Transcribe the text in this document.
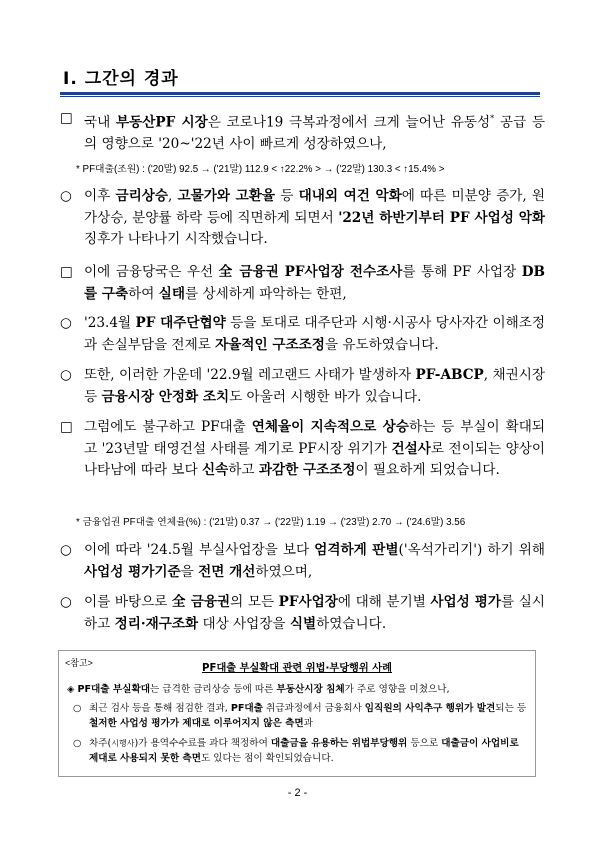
Ⅰ. 그간의 경과
□ 국내 부동산PF 시장은 코로나19 극복과정에서 크게 늘어난 유동성* 공급 등의 영향으로 '20~'22년 사이 빠르게 성장하였으나,
* PF대출(조원) : ('20말) 92.5 → ('21말) 112.9 < ↑22.2% > → ('22말) 130.3 < ↑15.4% >
○ 이후 금리상승, 고물가와 고환율 등 대내외 여건 악화에 따른 미분양 증가, 원가상승, 분양률 하락 등에 직면하게 되면서 '22년 하반기부터 PF 사업성 악화 징후가 나타나기 시작했습니다.
□ 이에 금융당국은 우선 全 금융권 PF사업장 전수조사를 통해 PF 사업장 DB를 구축하여 실태를 상세하게 파악하는 한편,
○ '23.4월 PF 대주단협약 등을 토대로 대주단과 시행·시공사 당사자간 이해조정과 손실부담을 전제로 자율적인 구조조정을 유도하였습니다.
○ 또한, 이러한 가운데 '22.9월 레고랜드 사태가 발생하자 PF-ABCP, 채권시장 등 금융시장 안정화 조치도 아울러 시행한 바가 있습니다.
□ 그럼에도 불구하고 PF대출 연체율이 지속적으로 상승하는 등 부실이 확대되고 '23년말 태영건설 사태를 계기로 PF시장 위기가 건설사로 전이되는 양상이 나타남에 따라 보다 신속하고 과감한 구조조정이 필요하게 되었습니다.
* 금융업권 PF대출 연체율(%) : ('21말) 0.37 → ('22말) 1.19 → ('23말) 2.70 → ('24.6말) 3.56
○ 이에 따라 '24.5월 부실사업장을 보다 엄격하게 판별('옥석가리기') 하기 위해 사업성 평가기준을 전면 개선하였으며,
○ 이를 바탕으로 全 금융권의 모든 PF사업장에 대해 분기별 사업성 평가를 실시하고 정리·재구조화 대상 사업장을 식별하였습니다.
<참고>	PF대출 부실확대 관련 위법·부당행위 사례
◈ PF대출 부실확대는 급격한 금리상승 등에 따른 부동산시장 침체가 주로 영향을 미쳤으나,
○ 최근 검사 등을 통해 점검한 결과, PF대출 취급과정에서 금융회사 임직원의 사익추구 행위가 발견되는 등 철저한 사업성 평가가 제대로 이루어지지 않은 측면과
○ 차주(시행사)가 용역수수료를 과다 책정하여 대출금을 유용하는 위법부당행위 등으로 대출금이 사업비로 제대로 사용되지 못한 측면도 있다는 점이 확인되었습니다.
- 2 -
